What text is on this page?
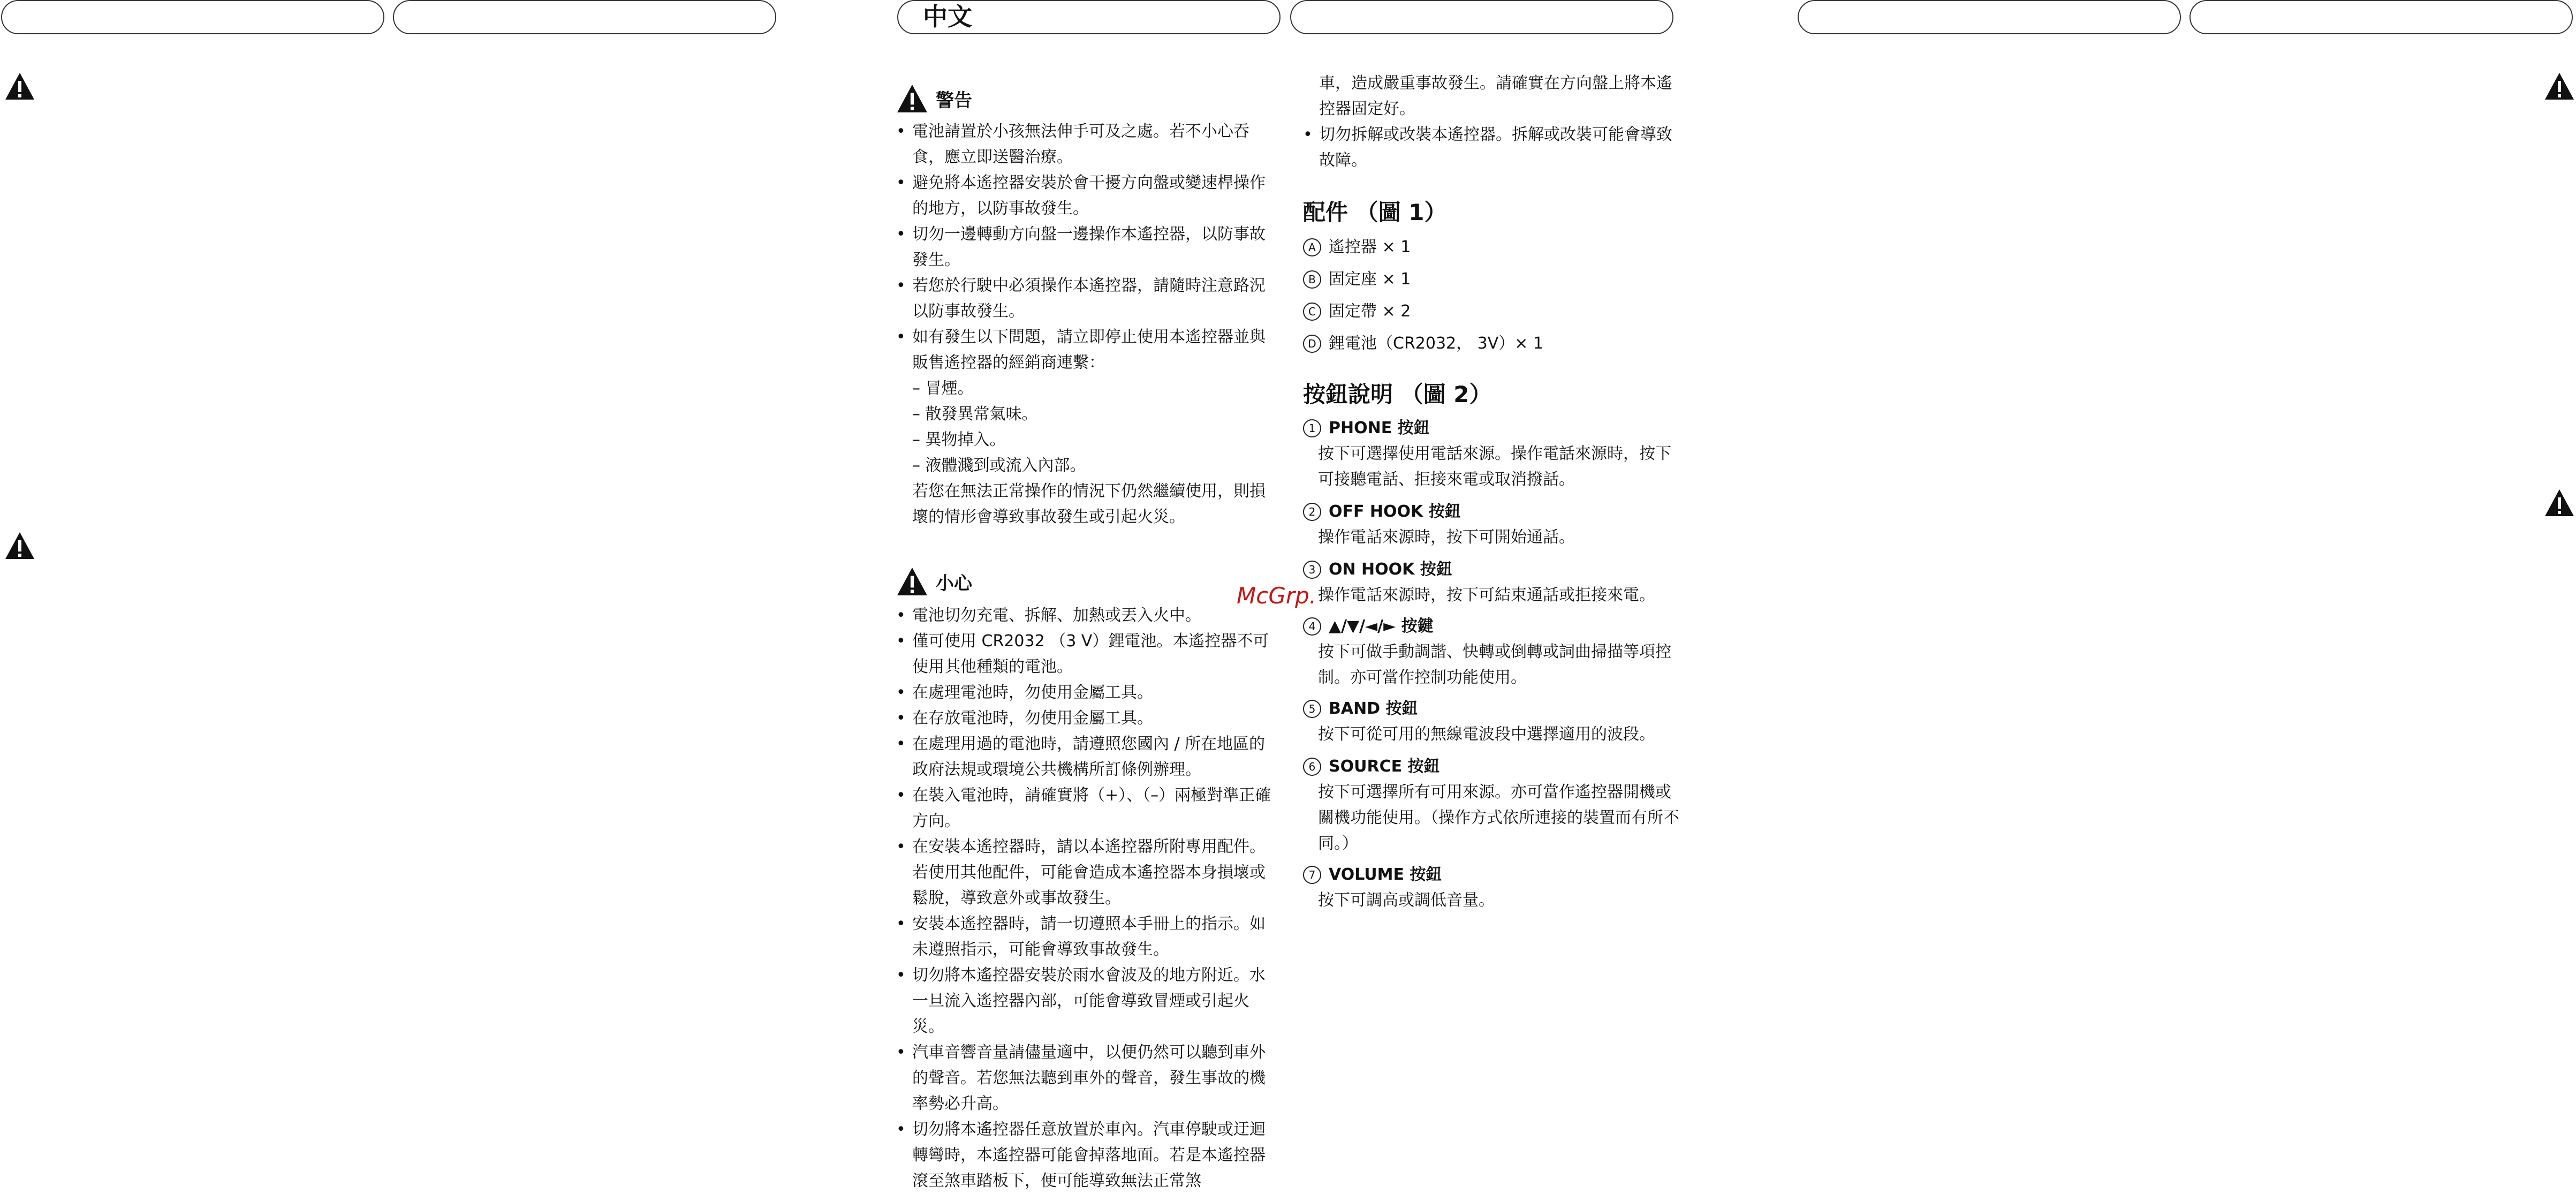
中文
警告
• 電池請置於小孩無法伸手可及之處。若不小心吞食，應立即送醫治療。
• 避免將本遙控器安裝於會干擾方向盤或變速桿操作的地方，以防事故發生。
• 切勿一邊轉動方向盤一邊操作本遙控器，以防事故發生。
• 若您於行駛中必須操作本遙控器，請隨時注意路況以防事故發生。
• 如有發生以下問題，請立即停止使用本遙控器並與販售遙控器的經銷商連繫：
– 冒煙。
– 散發異常氣味。
– 異物掉入。
– 液體濺到或流入內部。
若您在無法正常操作的情況下仍然繼續使用，則損壞的情形會導致事故發生或引起火災。
小心
• 電池切勿充電、拆解、加熱或丟入火中。
• 僅可使用 CR2032 （3 V）鋰電池。本遙控器不可使用其他種類的電池。
• 在處理電池時，勿使用金屬工具。
• 在存放電池時，勿使用金屬工具。
• 在處理用過的電池時，請遵照您國內 / 所在地區的政府法規或環境公共機構所訂條例辦理。
• 在裝入電池時，請確實將（+）、（–）兩極對準正確方向。
• 在安裝本遙控器時，請以本遙控器所附專用配件。若使用其他配件，可能會造成本遙控器本身損壞或鬆脫，導致意外或事故發生。
• 安裝本遙控器時，請一切遵照本手冊上的指示。如未遵照指示，可能會導致事故發生。
• 切勿將本遙控器安裝於雨水會波及的地方附近。水一旦流入遙控器內部，可能會導致冒煙或引起火災。
• 汽車音響音量請儘量適中，以便仍然可以聽到車外的聲音。若您無法聽到車外的聲音，發生事故的機率勢必升高。
• 切勿將本遙控器任意放置於車內。汽車停駛或迂迴轉彎時，本遙控器可能會掉落地面。若是本遙控器滾至煞車踏板下，便可能導致無法正常煞
車，造成嚴重事故發生。請確實在方向盤上將本遙控器固定好。
• 切勿拆解或改裝本遙控器。拆解或改裝可能會導致故障。
配件 （圖 1）
A 遙控器 × 1
B 固定座 × 1
C 固定帶 × 2
D 鋰電池（CR2032， 3V）× 1
按鈕說明 （圖 2）
1 PHONE 按鈕
按下可選擇使用電話來源。操作電話來源時，按下可接聽電話、拒接來電或取消撥話。
2 OFF HOOK 按鈕
操作電話來源時，按下可開始通話。
3 ON HOOK 按鈕
操作電話來源時，按下可結束通話或拒接來電。
4 ▲/▼/◄/► 按鍵
按下可做手動調諧、快轉或倒轉或詞曲掃描等項控制。亦可當作控制功能使用。
5 BAND 按鈕
按下可從可用的無線電波段中選擇適用的波段。
6 SOURCE 按鈕
按下可選擇所有可用來源。亦可當作遙控器開機或關機功能使用。（操作方式依所連接的裝置而有所不同。）
7 VOLUME 按鈕
按下可調高或調低音量。
McGrp.
